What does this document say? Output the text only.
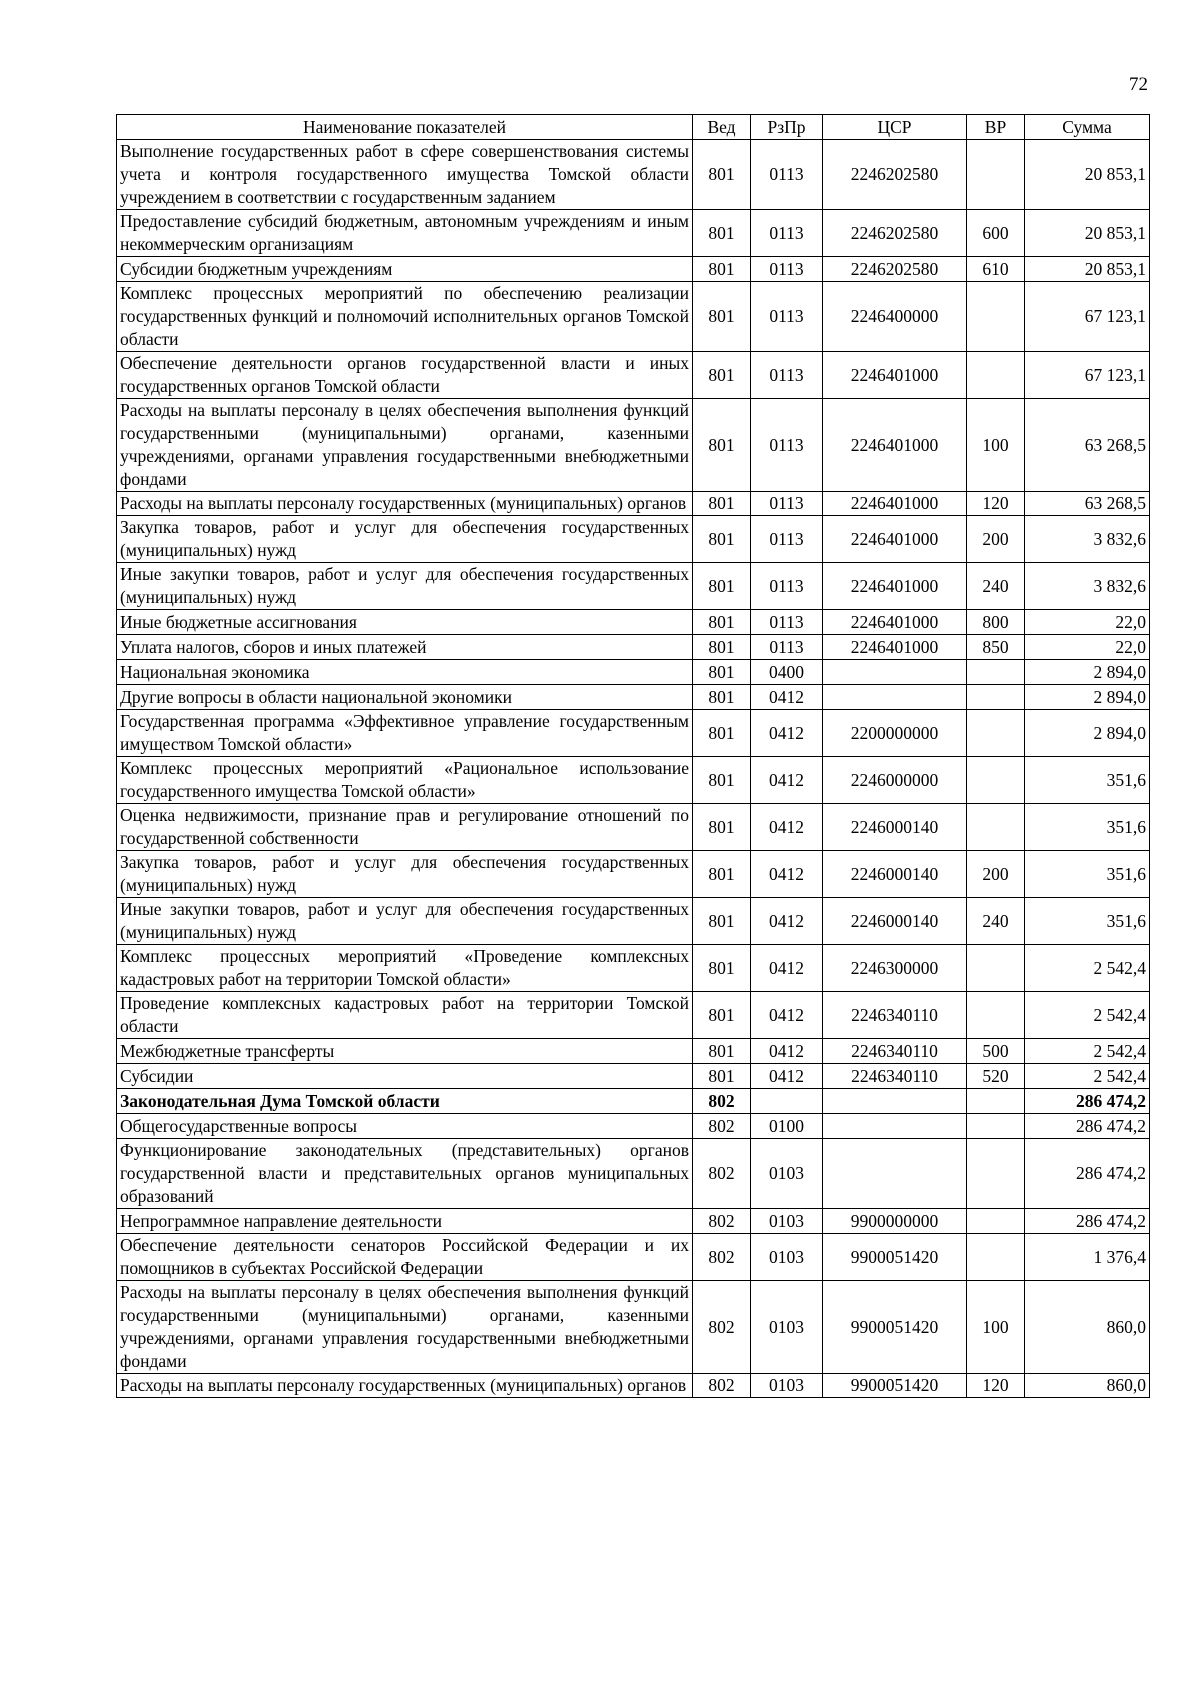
72
Наименование показателей	Вед	РзПр	ЦСР	ВР	Сумма
Выполнение государственных работ в сфере совершенствования системы учета и контроля государственного имущества Томской области учреждением в соответствии с государственным заданием	801	0113	2246202580		20 853,1
Предоставление субсидий бюджетным, автономным учреждениям и иным некоммерческим организациям	801	0113	2246202580	600	20 853,1
Субсидии бюджетным учреждениям	801	0113	2246202580	610	20 853,1
Комплекс процессных мероприятий по обеспечению реализации государственных функций и полномочий исполнительных органов Томской области	801	0113	2246400000		67 123,1
Обеспечение деятельности органов государственной власти и иных государственных органов Томской области	801	0113	2246401000		67 123,1
Расходы на выплаты персоналу в целях обеспечения выполнения функций государственными (муниципальными) органами, казенными учреждениями, органами управления государственными внебюджетными фондами	801	0113	2246401000	100	63 268,5
Расходы на выплаты персоналу государственных (муниципальных) органов	801	0113	2246401000	120	63 268,5
Закупка товаров, работ и услуг для обеспечения государственных (муниципальных) нужд	801	0113	2246401000	200	3 832,6
Иные закупки товаров, работ и услуг для обеспечения государственных (муниципальных) нужд	801	0113	2246401000	240	3 832,6
Иные бюджетные ассигнования	801	0113	2246401000	800	22,0
Уплата налогов, сборов и иных платежей	801	0113	2246401000	850	22,0
Национальная экономика	801	0400			2 894,0
Другие вопросы в области национальной экономики	801	0412			2 894,0
Государственная программа «Эффективное управление государственным имуществом Томской области»	801	0412	2200000000		2 894,0
Комплекс процессных мероприятий «Рациональное использование государственного имущества Томской области»	801	0412	2246000000		351,6
Оценка недвижимости, признание прав и регулирование отношений по государственной собственности	801	0412	2246000140		351,6
Закупка товаров, работ и услуг для обеспечения государственных (муниципальных) нужд	801	0412	2246000140	200	351,6
Иные закупки товаров, работ и услуг для обеспечения государственных (муниципальных) нужд	801	0412	2246000140	240	351,6
Комплекс процессных мероприятий «Проведение комплексных кадастровых работ на территории Томской области»	801	0412	2246300000		2 542,4
Проведение комплексных кадастровых работ на территории Томской области	801	0412	2246340110		2 542,4
Межбюджетные трансферты	801	0412	2246340110	500	2 542,4
Субсидии	801	0412	2246340110	520	2 542,4
Законодательная Дума Томской области	802				286 474,2
Общегосударственные вопросы	802	0100			286 474,2
Функционирование законодательных (представительных) органов государственной власти и представительных органов муниципальных образований	802	0103			286 474,2
Непрограммное направление деятельности	802	0103	9900000000		286 474,2
Обеспечение деятельности сенаторов Российской Федерации и их помощников в субъектах Российской Федерации	802	0103	9900051420		1 376,4
Расходы на выплаты персоналу в целях обеспечения выполнения функций государственными (муниципальными) органами, казенными учреждениями, органами управления государственными внебюджетными фондами	802	0103	9900051420	100	860,0
Расходы на выплаты персоналу государственных (муниципальных) органов	802	0103	9900051420	120	860,0
